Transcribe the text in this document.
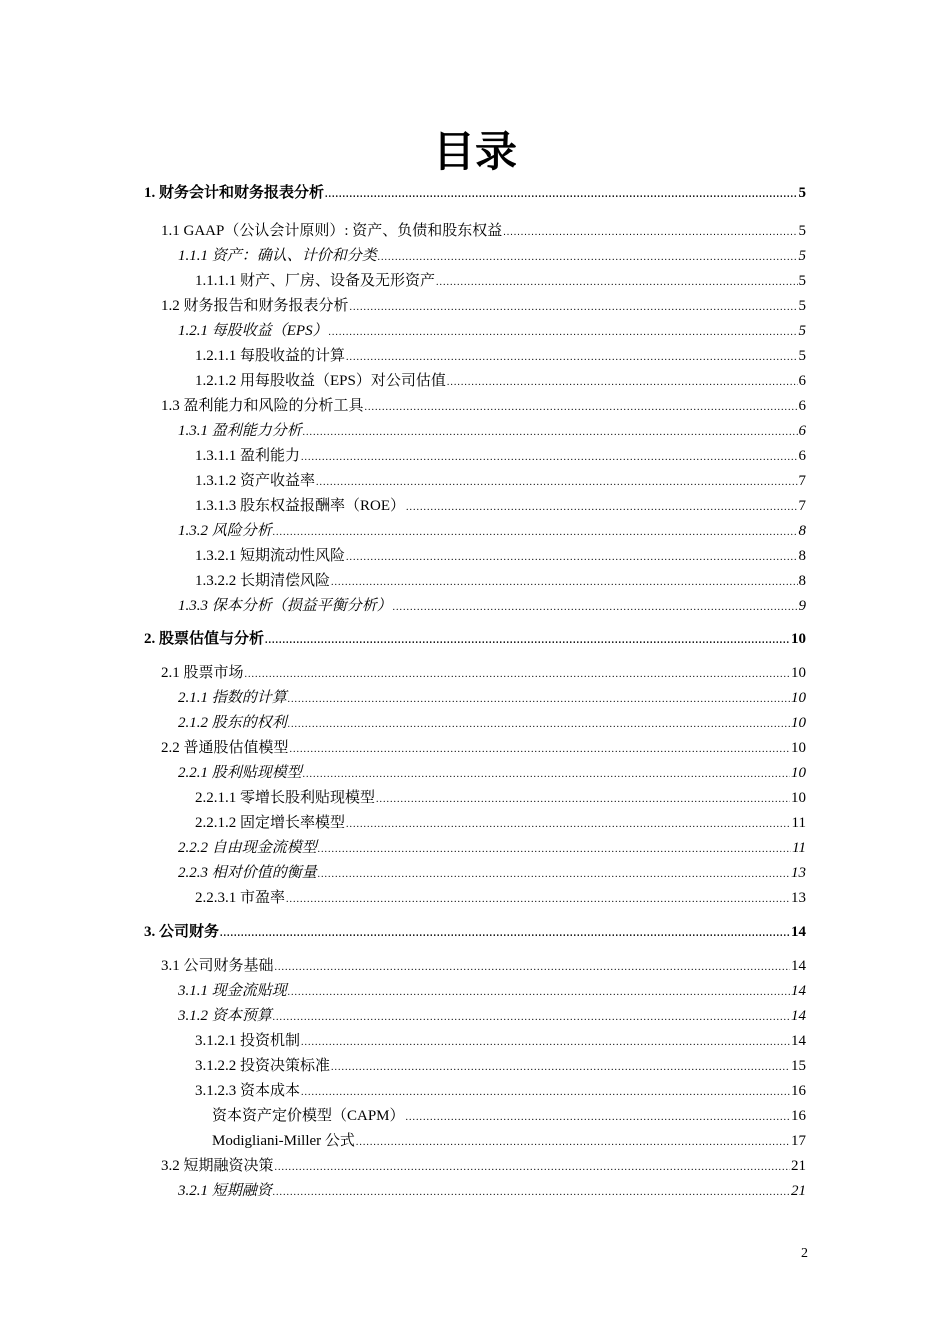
目录
1. 财务会计和财务报表分析 .....	5
1.1 GAAP（公认会计原则）: 资产、负债和股东权益 .....	5
1.1.1 资产：确认、计价和分类 .....	5
1.1.1.1 财产、厂房、设备及无形资产 .....	5
1.2 财务报告和财务报表分析 .....	5
1.2.1 每股收益（EPS） .....	5
1.2.1.1 每股收益的计算 .....	5
1.2.1.2 用每股收益（EPS）对公司估值 .....	6
1.3 盈利能力和风险的分析工具 .....	6
1.3.1 盈利能力分析 .....	6
1.3.1.1 盈利能力 .....	6
1.3.1.2 资产收益率 .....	7
1.3.1.3 股东权益报酬率（ROE） .....	7
1.3.2 风险分析 .....	8
1.3.2.1 短期流动性风险 .....	8
1.3.2.2 长期清偿风险 .....	8
1.3.3 保本分析（损益平衡分析） .....	9
2. 股票估值与分析 .....	10
2.1 股票市场 .....	10
2.1.1 指数的计算 .....	10
2.1.2 股东的权利 .....	10
2.2 普通股估值模型 .....	10
2.2.1 股利贴现模型 .....	10
2.2.1.1 零增长股利贴现模型 .....	10
2.2.1.2 固定增长率模型 .....	11
2.2.2 自由现金流模型 .....	11
2.2.3 相对价值的衡量 .....	13
2.2.3.1 市盈率 .....	13
3. 公司财务 .....	14
3.1 公司财务基础 .....	14
3.1.1 现金流贴现 .....	14
3.1.2 资本预算 .....	14
3.1.2.1 投资机制 .....	14
3.1.2.2 投资决策标准 .....	15
3.1.2.3 资本成本 .....	16
资本资产定价模型（CAPM） .....	16
Modigliani-Miller 公式 .....	17
3.2 短期融资决策 .....	21
3.2.1 短期融资 .....	21
2
